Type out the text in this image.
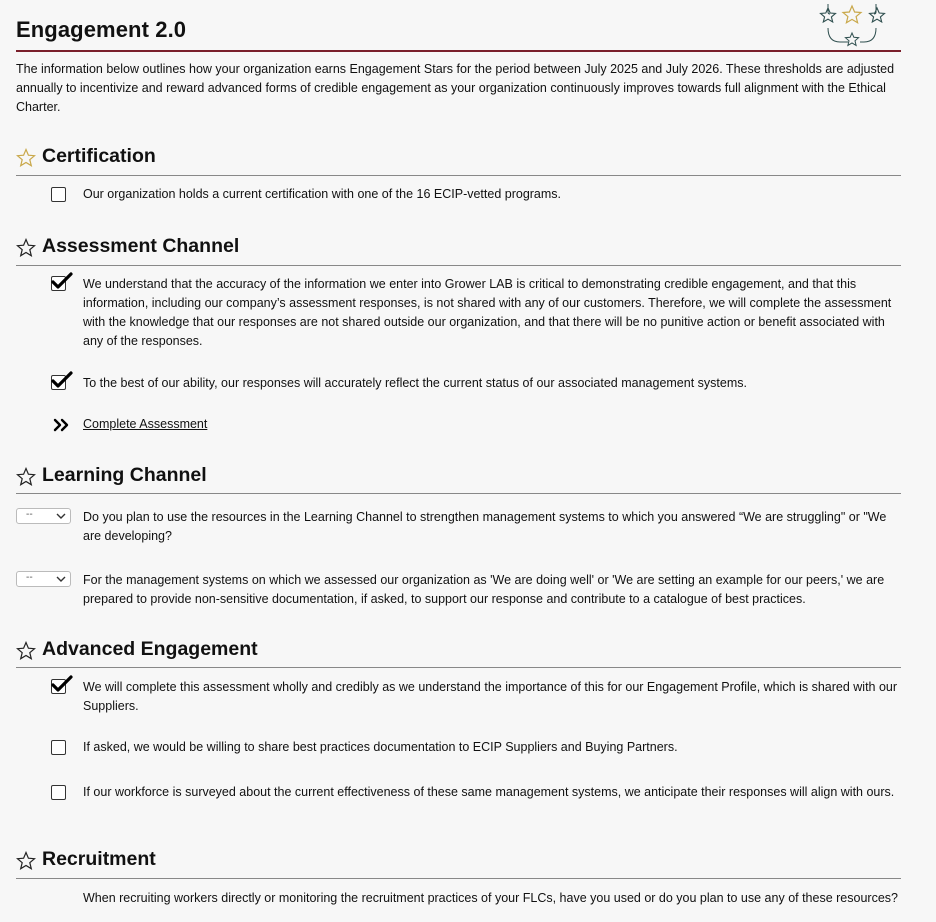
Engagement 2.0
The information below outlines how your organization earns Engagement Stars for the period between July 2025 and July 2026. These thresholds are adjusted annually to incentivize and reward advanced forms of credible engagement as your organization continuously improves towards full alignment with the Ethical Charter.
Certification
Our organization holds a current certification with one of the 16 ECIP-vetted programs.
Assessment Channel
We understand that the accuracy of the information we enter into Grower LAB is critical to demonstrating credible engagement, and that this information, including our company’s assessment responses, is not shared with any of our customers. Therefore, we will complete the assessment with the knowledge that our responses are not shared outside our organization, and that there will be no punitive action or benefit associated with any of the responses.
To the best of our ability, our responses will accurately reflect the current status of our associated management systems.
Complete Assessment
Learning Channel
--	Do you plan to use the resources in the Learning Channel to strengthen management systems to which you answered “We are struggling" or "We are developing?
--	For the management systems on which we assessed our organization as 'We are doing well' or 'We are setting an example for our peers,' we are prepared to provide non-sensitive documentation, if asked, to support our response and contribute to a catalogue of best practices.
Advanced Engagement
We will complete this assessment wholly and credibly as we understand the importance of this for our Engagement Profile, which is shared with our Suppliers.
If asked, we would be willing to share best practices documentation to ECIP Suppliers and Buying Partners.
If our workforce is surveyed about the current effectiveness of these same management systems, we anticipate their responses will align with ours.
Recruitment
When recruiting workers directly or monitoring the recruitment practices of your FLCs, have you used or do you plan to use any of these resources?
